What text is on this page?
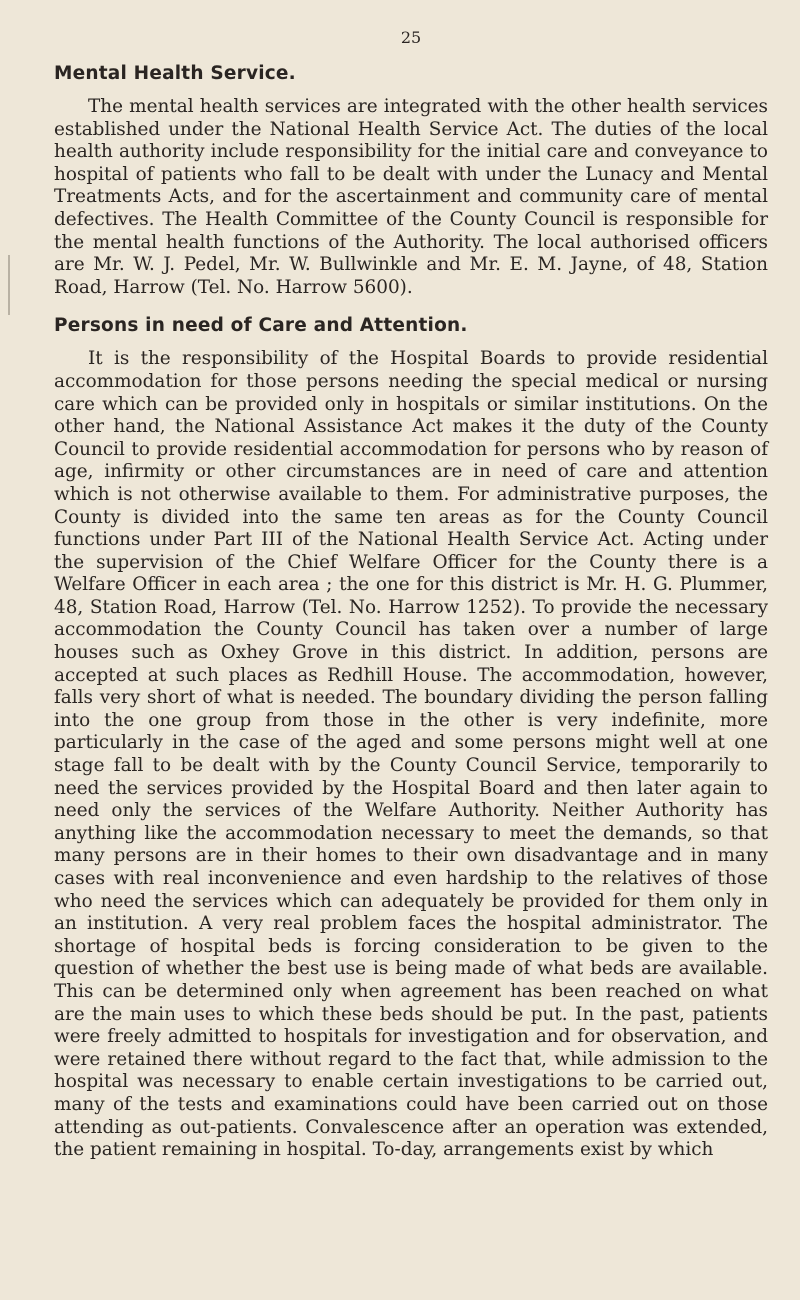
25
Mental Health Service.

The mental health services are integrated with the other health services established under the National Health Service Act. The duties of the local health authority include responsibility for the initial care and conveyance to hospital of patients who fall to be dealt with under the Lunacy and Mental Treatments Acts, and for the ascertainment and community care of mental defectives. The Health Committee of the County Council is responsible for the mental health functions of the Authority. The local authorised officers are Mr. W. J. Pedel, Mr. W. Bullwinkle and Mr. E. M. Jayne, of 48, Station Road, Harrow (Tel. No. Harrow 5600).

Persons in need of Care and Attention.

It is the responsibility of the Hospital Boards to provide residential accommodation for those persons needing the special medical or nursing care which can be provided only in hospitals or similar institutions. On the other hand, the National Assistance Act makes it the duty of the County Council to provide residential accommodation for persons who by reason of age, infirmity or other circumstances are in need of care and attention which is not otherwise available to them. For administrative purposes, the County is divided into the same ten areas as for the County Council functions under Part III of the National Health Service Act. Acting under the supervision of the Chief Welfare Officer for the County there is a Welfare Officer in each area ; the one for this district is Mr. H. G. Plummer, 48, Station Road, Harrow (Tel. No. Harrow 1252). To provide the necessary accommodation the County Council has taken over a number of large houses such as Oxhey Grove in this district. In addition, persons are accepted at such places as Redhill House. The accommodation, however, falls very short of what is needed. The boundary dividing the person falling into the one group from those in the other is very indefinite, more particularly in the case of the aged and some persons might well at one stage fall to be dealt with by the County Council Service, temporarily to need the services provided by the Hospital Board and then later again to need only the services of the Welfare Authority. Neither Authority has anything like the accommodation necessary to meet the demands, so that many persons are in their homes to their own disadvantage and in many cases with real inconvenience and even hardship to the relatives of those who need the services which can adequately be provided for them only in an institution. A very real problem faces the hospital administrator. The shortage of hospital beds is forcing consideration to be given to the question of whether the best use is being made of what beds are available. This can be determined only when agreement has been reached on what are the main uses to which these beds should be put. In the past, patients were freely admitted to hospitals for investigation and for observation, and were retained there without regard to the fact that, while admission to the hospital was necessary to enable certain investigations to be carried out, many of the tests and examinations could have been carried out on those attending as out-patients. Convalescence after an operation was extended, the patient remaining in hospital. To-day, arrangements exist by which
